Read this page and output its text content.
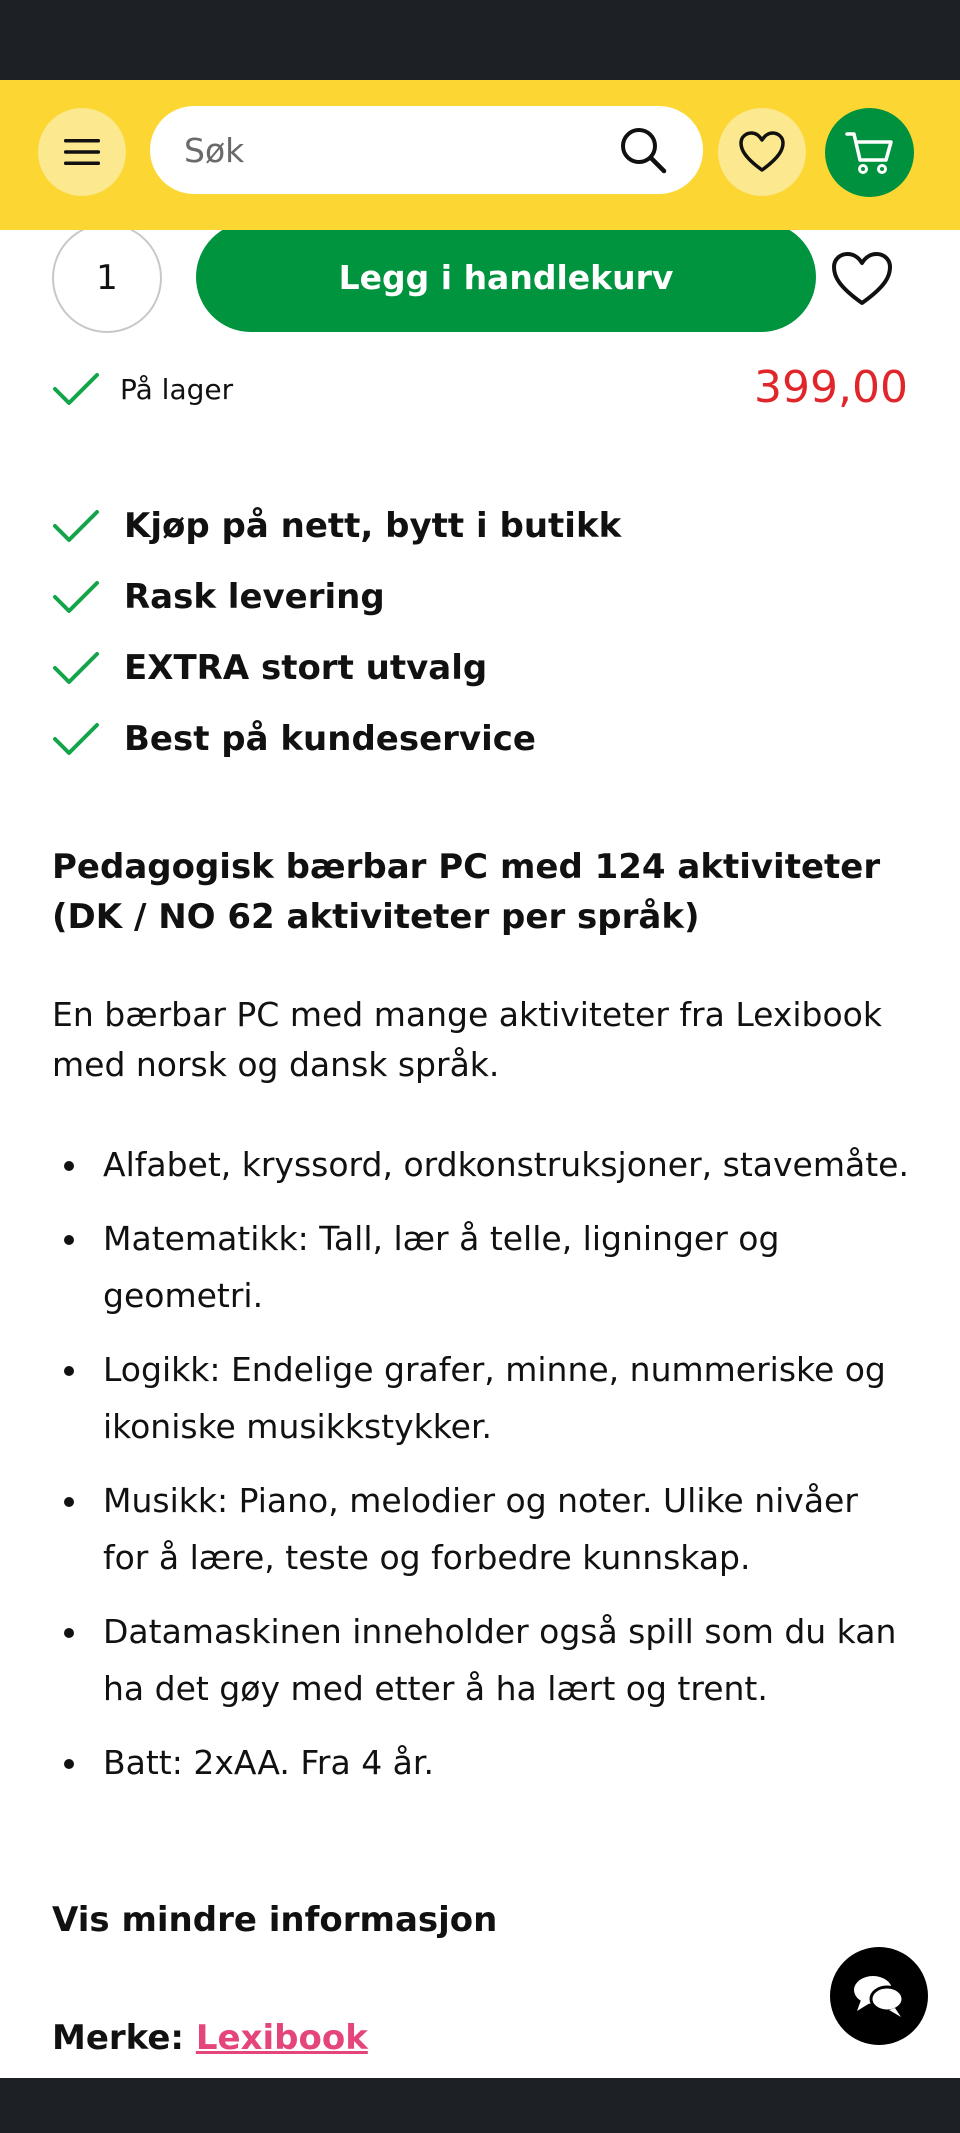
Søk
1	Legg i handlekurv
På lager	399,00
Kjøp på nett, bytt i butikk
Rask levering
EXTRA stort utvalg
Best på kundeservice
Pedagogisk bærbar PC med 124 aktiviteter (DK / NO 62 aktiviteter per språk)

En bærbar PC med mange aktiviteter fra Lexibook med norsk og dansk språk.

Alfabet, kryssord, ordkonstruksjoner, stavemåte.
Matematikk: Tall, lær å telle, ligninger og geometri.
Logikk: Endelige grafer, minne, nummeriske og ikoniske musikkstykker.
Musikk: Piano, melodier og noter. Ulike nivåer for å lære, teste og forbedre kunnskap.
Datamaskinen inneholder også spill som du kan ha det gøy med etter å ha lært og trent.
Batt: 2xAA. Fra 4 år.
Vis mindre informasjon
Merke: Lexibook
